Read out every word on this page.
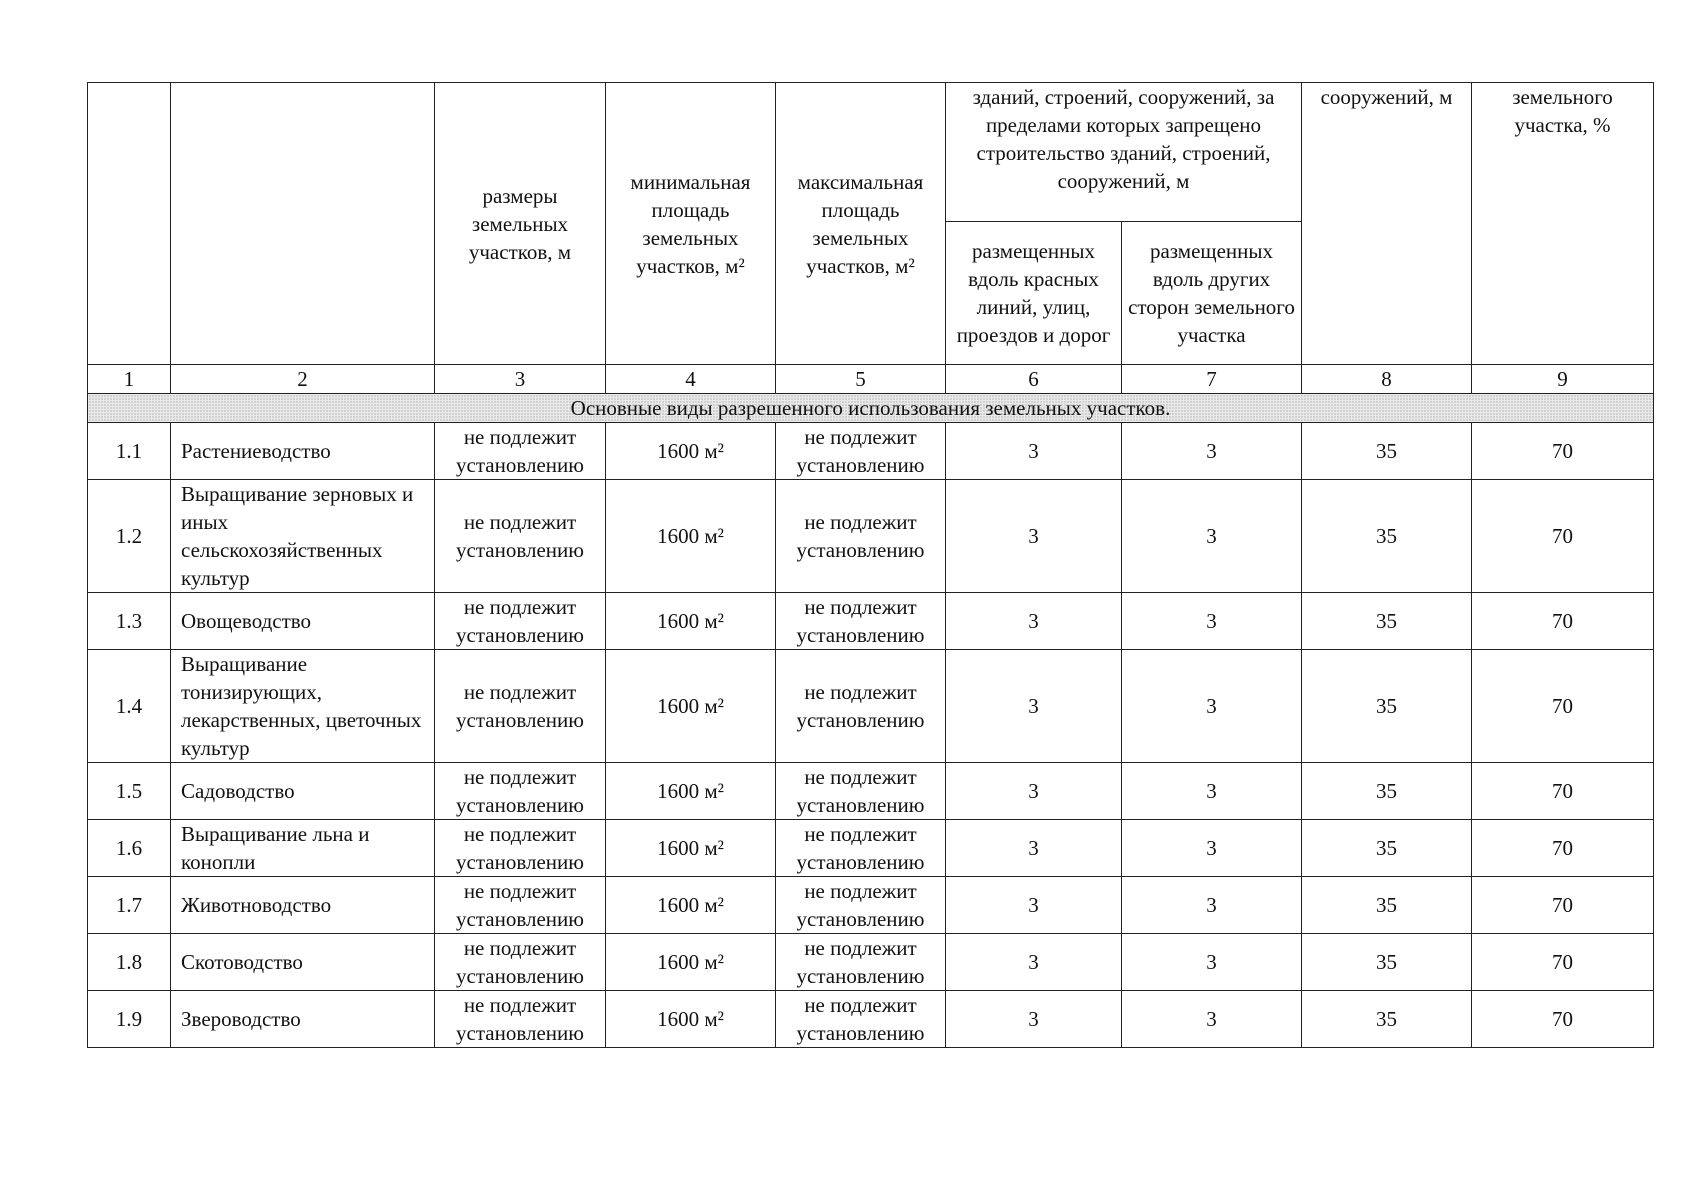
		размеры земельных участков, м	минимальная площадь земельных участков, м²	максимальная площадь земельных участков, м²	зданий, строений, сооружений, за пределами которых запрещено строительство зданий, строений, сооружений, м		сооружений, м	земельного участка, %
					размещенных вдоль красных линий, улиц, проездов и дорог	размещенных вдоль других сторон земельного участка		
1	2	3	4	5	6	7	8	9
Основные виды разрешенного использования земельных участков.								
1.1	Растениеводство	не подлежит установлению	1600 м²	не подлежит установлению	3	3	35	70
1.2	Выращивание зерновых и иных сельскохозяйственных культур	не подлежит установлению	1600 м²	не подлежит установлению	3	3	35	70
1.3	Овощеводство	не подлежит установлению	1600 м²	не подлежит установлению	3	3	35	70
1.4	Выращивание тонизирующих, лекарственных, цветочных культур	не подлежит установлению	1600 м²	не подлежит установлению	3	3	35	70
1.5	Садоводство	не подлежит установлению	1600 м²	не подлежит установлению	3	3	35	70
1.6	Выращивание льна и конопли	не подлежит установлению	1600 м²	не подлежит установлению	3	3	35	70
1.7	Животноводство	не подлежит установлению	1600 м²	не подлежит установлению	3	3	35	70
1.8	Скотоводство	не подлежит установлению	1600 м²	не подлежит установлению	3	3	35	70
1.9	Звероводство	не подлежит установлению	1600 м²	не подлежит установлению	3	3	35	70
